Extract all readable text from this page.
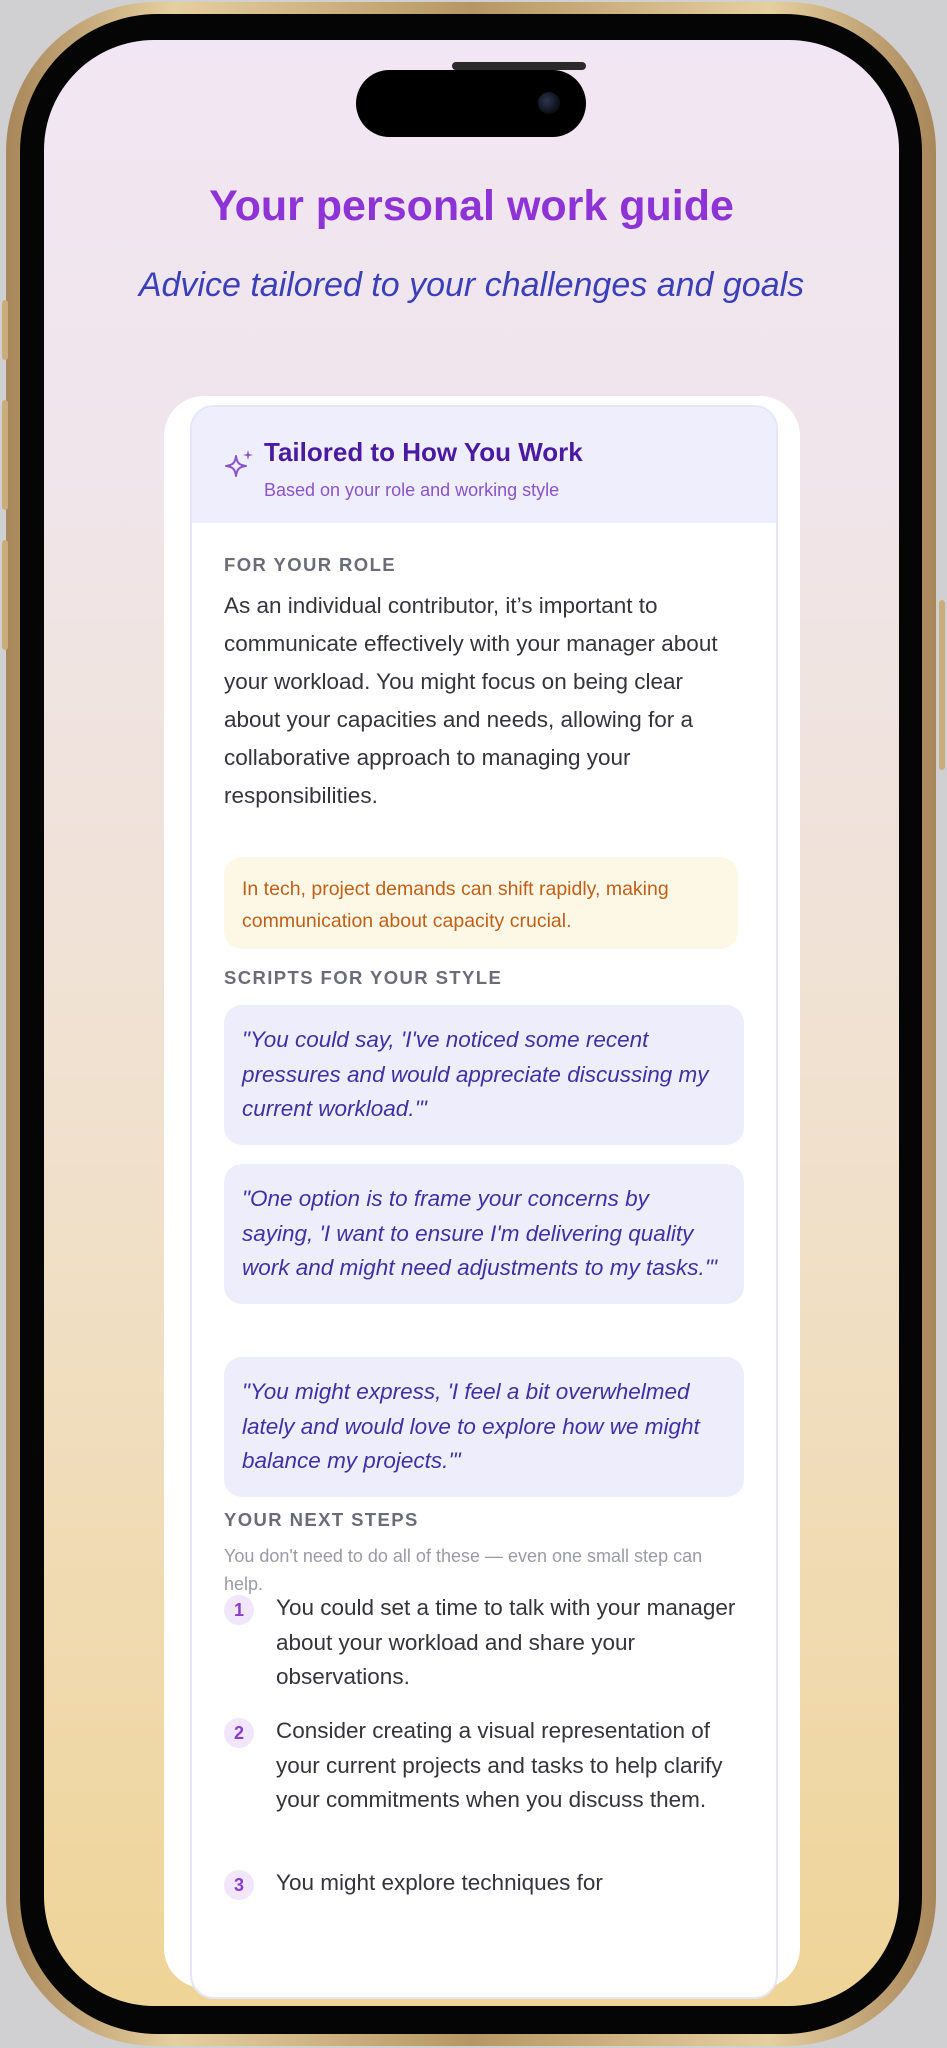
Your personal work guide
Advice tailored to your challenges and goals
Tailored to How You Work
Based on your role and working style
FOR YOUR ROLE
As an individual contributor, it’s important to communicate effectively with your manager about your workload. You might focus on being clear about your capacities and needs, allowing for a collaborative approach to managing your responsibilities.
In tech, project demands can shift rapidly, making communication about capacity crucial.
SCRIPTS FOR YOUR STYLE
"You could say, 'I've noticed some recent pressures and would appreciate discussing my current workload.'"
"One option is to frame your concerns by saying, 'I want to ensure I'm delivering quality work and might need adjustments to my tasks.'"
"You might express, 'I feel a bit overwhelmed lately and would love to explore how we might balance my projects.'"
YOUR NEXT STEPS
You don't need to do all of these — even one small step can help.
1	You could set a time to talk with your manager about your workload and share your observations.
2	Consider creating a visual representation of your current projects and tasks to help clarify your commitments when you discuss them.
3	You might explore techniques for
